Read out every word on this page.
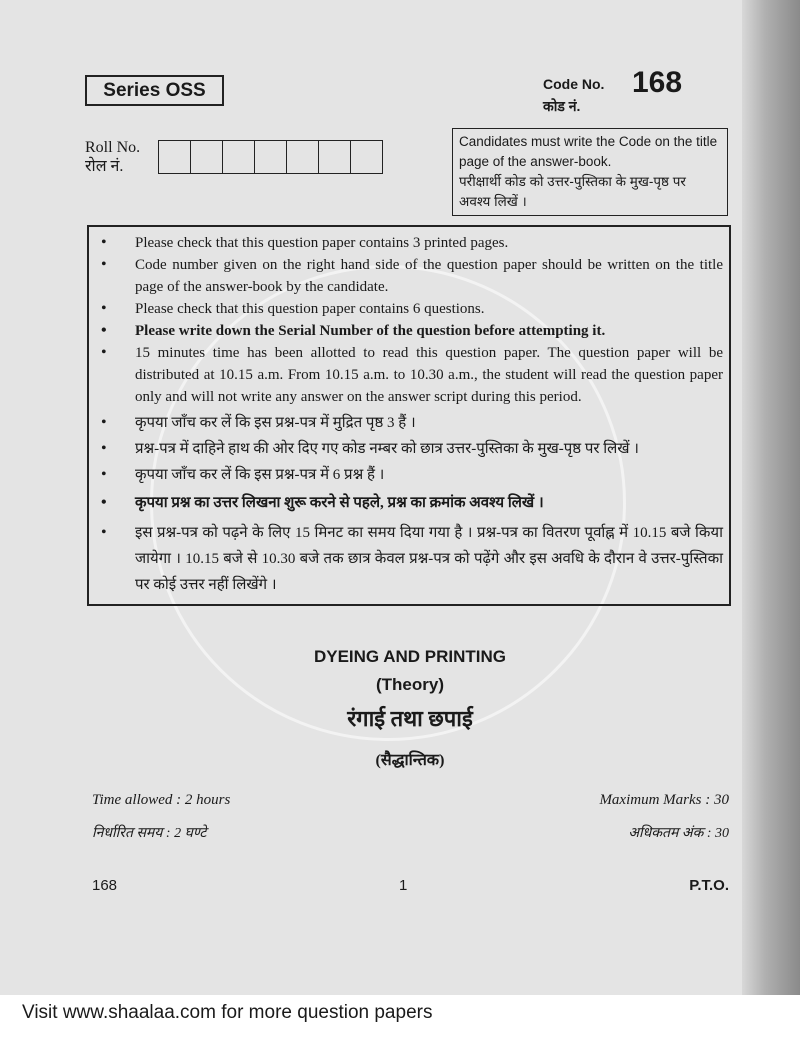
Series OSS	Code No. 168
कोड नं.
Roll No.
रोल नं.
Candidates must write the Code on the title page of the answer-book.
परीक्षार्थी कोड को उत्तर-पुस्तिका के मुख-पृष्ठ पर अवश्य लिखें ।
• Please check that this question paper contains 3 printed pages.
• Code number given on the right hand side of the question paper should be written on the title page of the answer-book by the candidate.
• Please check that this question paper contains 6 questions.
• Please write down the Serial Number of the question before attempting it.
• 15 minutes time has been allotted to read this question paper. The question paper will be distributed at 10.15 a.m. From 10.15 a.m. to 10.30 a.m., the student will read the question paper only and will not write any answer on the answer script during this period.
• कृपया जाँच कर लें कि इस प्रश्न-पत्र में मुद्रित पृष्ठ 3 हैं ।
• प्रश्न-पत्र में दाहिने हाथ की ओर दिए गए कोड नम्बर को छात्र उत्तर-पुस्तिका के मुख-पृष्ठ पर लिखें ।
• कृपया जाँच कर लें कि इस प्रश्न-पत्र में 6 प्रश्न हैं ।
• कृपया प्रश्न का उत्तर लिखना शुरू करने से पहले, प्रश्न का क्रमांक अवश्य लिखें ।
• इस प्रश्न-पत्र को पढ़ने के लिए 15 मिनट का समय दिया गया है । प्रश्न-पत्र का वितरण पूर्वाह्न में 10.15 बजे किया जायेगा । 10.15 बजे से 10.30 बजे तक छात्र केवल प्रश्न-पत्र को पढ़ेंगे और इस अवधि के दौरान वे उत्तर-पुस्तिका पर कोई उत्तर नहीं लिखेंगे ।
DYEING AND PRINTING
(Theory)
रंगाई तथा छपाई
(सैद्धान्तिक)
Time allowed : 2 hours	Maximum Marks : 30
निर्धारित समय : 2 घण्टे	अधिकतम अंक : 30
168	1	P.T.O.
Visit www.shaalaa.com for more question papers
